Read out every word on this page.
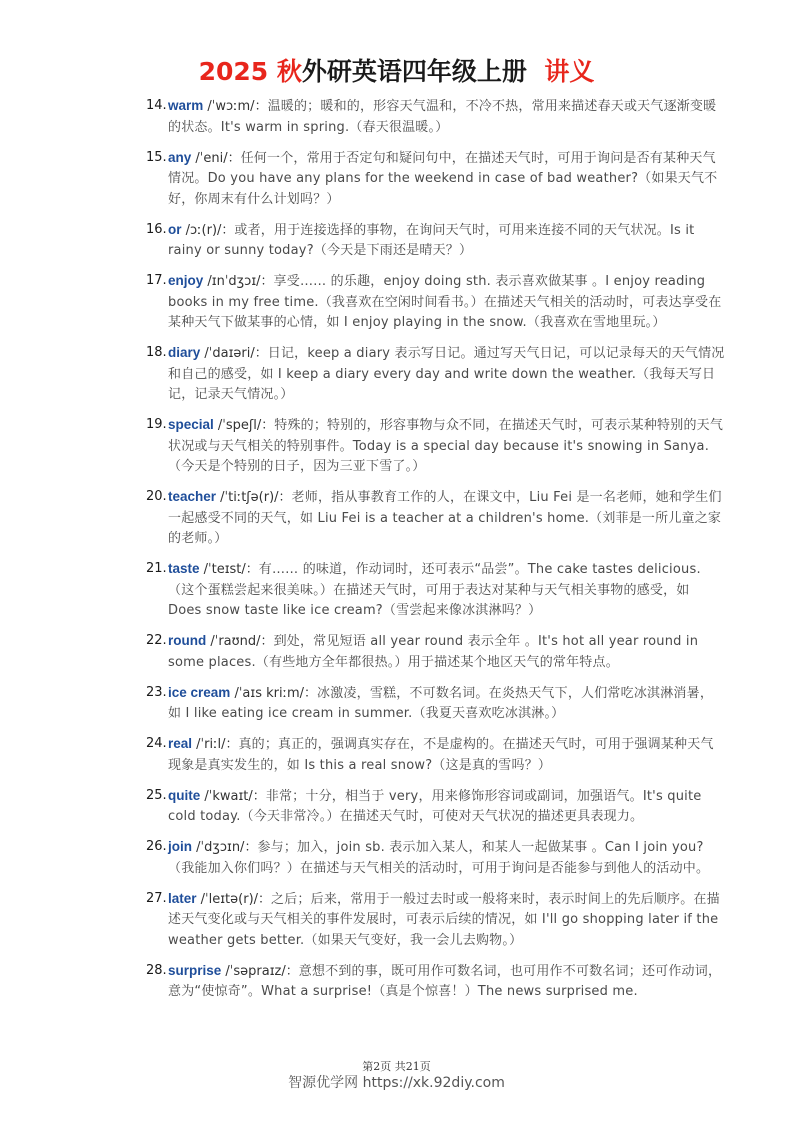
2025 秋外研英语四年级上册 讲义
14. warm /ˈwɔːm/：温暖的；暖和的，形容天气温和，不冷不热，常用来描述春天或天气逐渐变暖的状态。It's warm in spring.（春天很温暖。）
15. any /ˈeni/：任何一个，常用于否定句和疑问句中，在描述天气时，可用于询问是否有某种天气情况。Do you have any plans for the weekend in case of bad weather?（如果天气不好，你周末有什么计划吗？）
16. or /ɔː(r)/：或者，用于连接选择的事物，在询问天气时，可用来连接不同的天气状况。Is it rainy or sunny today?（今天是下雨还是晴天？）
17. enjoy /ɪnˈdʒɔɪ/：享受…… 的乐趣，enjoy doing sth. 表示喜欢做某事 。I enjoy reading books in my free time.（我喜欢在空闲时间看书。）在描述天气相关的活动时，可表达享受在某种天气下做某事的心情，如 I enjoy playing in the snow.（我喜欢在雪地里玩。）
18. diary /ˈdaɪəri/：日记，keep a diary 表示写日记。通过写天气日记，可以记录每天的天气情况和自己的感受，如 I keep a diary every day and write down the weather.（我每天写日记，记录天气情况。）
19. special /ˈspeʃl/：特殊的；特别的，形容事物与众不同，在描述天气时，可表示某种特别的天气状况或与天气相关的特别事件。Today is a special day because it's snowing in Sanya.（今天是个特别的日子，因为三亚下雪了。）
20. teacher /ˈtiːtʃə(r)/：老师，指从事教育工作的人，在课文中，Liu Fei 是一名老师，她和学生们一起感受不同的天气，如 Liu Fei is a teacher at a children's home.（刘菲是一所儿童之家的老师。）
21. taste /ˈteɪst/：有…… 的味道，作动词时，还可表示“品尝”。The cake tastes delicious.（这个蛋糕尝起来很美味。）在描述天气时，可用于表达对某种与天气相关事物的感受，如 Does snow taste like ice cream?（雪尝起来像冰淇淋吗？）
22. round /ˈraʊnd/：到处，常见短语 all year round 表示全年 。It's hot all year round in some places.（有些地方全年都很热。）用于描述某个地区天气的常年特点。
23. ice cream /ˈaɪs kriːm/：冰激凌，雪糕，不可数名词。在炎热天气下，人们常吃冰淇淋消暑，如 I like eating ice cream in summer.（我夏天喜欢吃冰淇淋。）
24. real /ˈriːl/：真的；真正的，强调真实存在，不是虚构的。在描述天气时，可用于强调某种天气现象是真实发生的，如 Is this a real snow?（这是真的雪吗？）
25. quite /ˈkwaɪt/：非常；十分，相当于 very，用来修饰形容词或副词，加强语气。It's quite cold today.（今天非常冷。）在描述天气时，可使对天气状况的描述更具表现力。
26. join /ˈdʒɔɪn/：参与；加入，join sb. 表示加入某人，和某人一起做某事 。Can I join you?（我能加入你们吗？）在描述与天气相关的活动时，可用于询问是否能参与到他人的活动中。
27. later /ˈleɪtə(r)/：之后；后来，常用于一般过去时或一般将来时，表示时间上的先后顺序。在描述天气变化或与天气相关的事件发展时，可表示后续的情况，如 I'll go shopping later if the weather gets better.（如果天气变好，我一会儿去购物。）
28. surprise /ˈsəpraɪz/：意想不到的事，既可用作可数名词，也可用作不可数名词；还可作动词，意为“使惊奇”。What a surprise!（真是个惊喜！）The news surprised me.
第2页 共21页
智源优学网 https://xk.92diy.com
